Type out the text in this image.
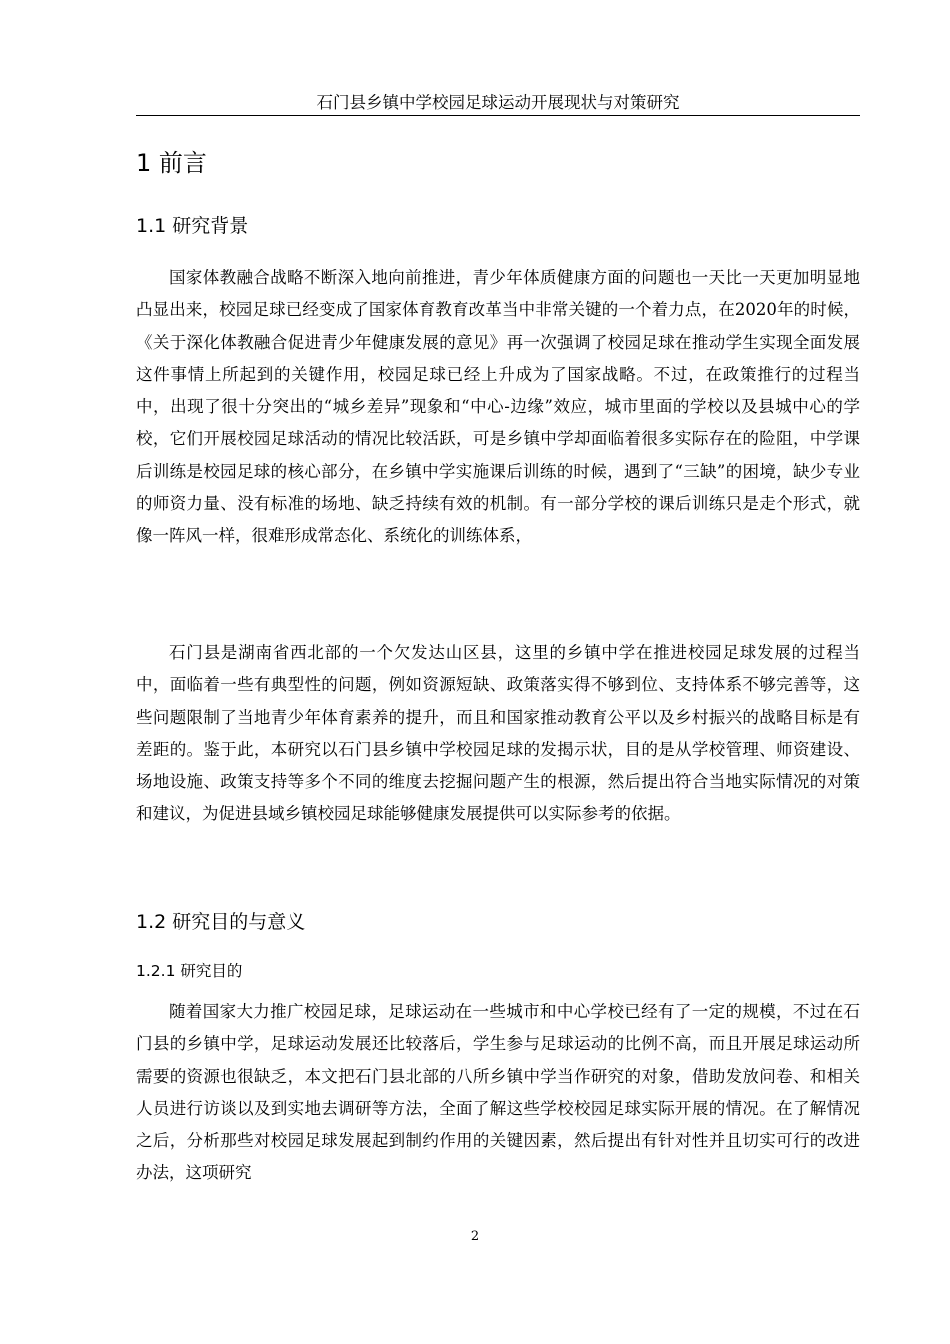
石门县乡镇中学校园足球运动开展现状与对策研究
1 前言
1.1 研究背景

国家体教融合战略不断深入地向前推进，青少年体质健康方面的问题也一天比一天更加明显地凸显出来，校园足球已经变成了国家体育教育改革当中非常关键的一个着力点，在2020年的时候，《关于深化体教融合促进青少年健康发展的意见》再一次强调了校园足球在推动学生实现全面发展这件事情上所起到的关键作用，校园足球已经上升成为了国家战略。不过，在政策推行的过程当中，出现了很十分突出的“城乡差异”现象和“中心-边缘”效应，城市里面的学校以及县城中心的学校，它们开展校园足球活动的情况比较活跃，可是乡镇中学却面临着很多实际存在的险阻，中学课后训练是校园足球的核心部分，在乡镇中学实施课后训练的时候，遇到了“三缺”的困境，缺少专业的师资力量、没有标准的场地、缺乏持续有效的机制。有一部分学校的课后训练只是走个形式，就像一阵风一样，很难形成常态化、系统化的训练体系，

石门县是湖南省西北部的一个欠发达山区县，这里的乡镇中学在推进校园足球发展的过程当中，面临着一些有典型性的问题，例如资源短缺、政策落实得不够到位、支持体系不够完善等，这些问题限制了当地青少年体育素养的提升，而且和国家推动教育公平以及乡村振兴的战略目标是有差距的。鉴于此，本研究以石门县乡镇中学校园足球的发揭示状，目的是从学校管理、师资建设、场地设施、政策支持等多个不同的维度去挖掘问题产生的根源，然后提出符合当地实际情况的对策和建议，为促进县域乡镇校园足球能够健康发展提供可以实际参考的依据。

1.2 研究目的与意义
1.2.1 研究目的

随着国家大力推广校园足球，足球运动在一些城市和中心学校已经有了一定的规模，不过在石门县的乡镇中学，足球运动发展还比较落后，学生参与足球运动的比例不高，而且开展足球运动所需要的资源也很缺乏，本文把石门县北部的八所乡镇中学当作研究的对象，借助发放问卷、和相关人员进行访谈以及到实地去调研等方法，全面了解这些学校校园足球实际开展的情况。在了解情况之后，分析那些对校园足球发展起到制约作用的关键因素，然后提出有针对性并且切实可行的改进办法，这项研究

2
